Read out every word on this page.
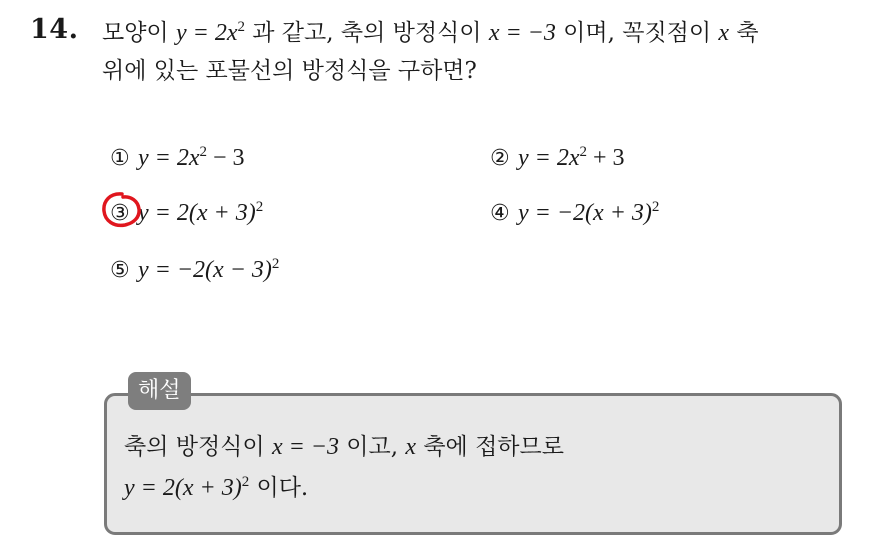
14. 모양이 $y = 2x^2$ 과 같고, 축의 방정식이 x = −3 이며, 꼭짓점이 x 축
위에 있는 포물선의 방정식을 구하면?
① $y = 2x^2 - 3$	② $y = 2x^2 + 3$
③ $y = 2(x + 3)^2$	④ $y = -2(x + 3)^2$
⑤ $y = -2(x - 3)^2$
해설
축의 방정식이 x = −3 이고, x 축에 접하므로
$y = 2(x + 3)^2$ 이다.
